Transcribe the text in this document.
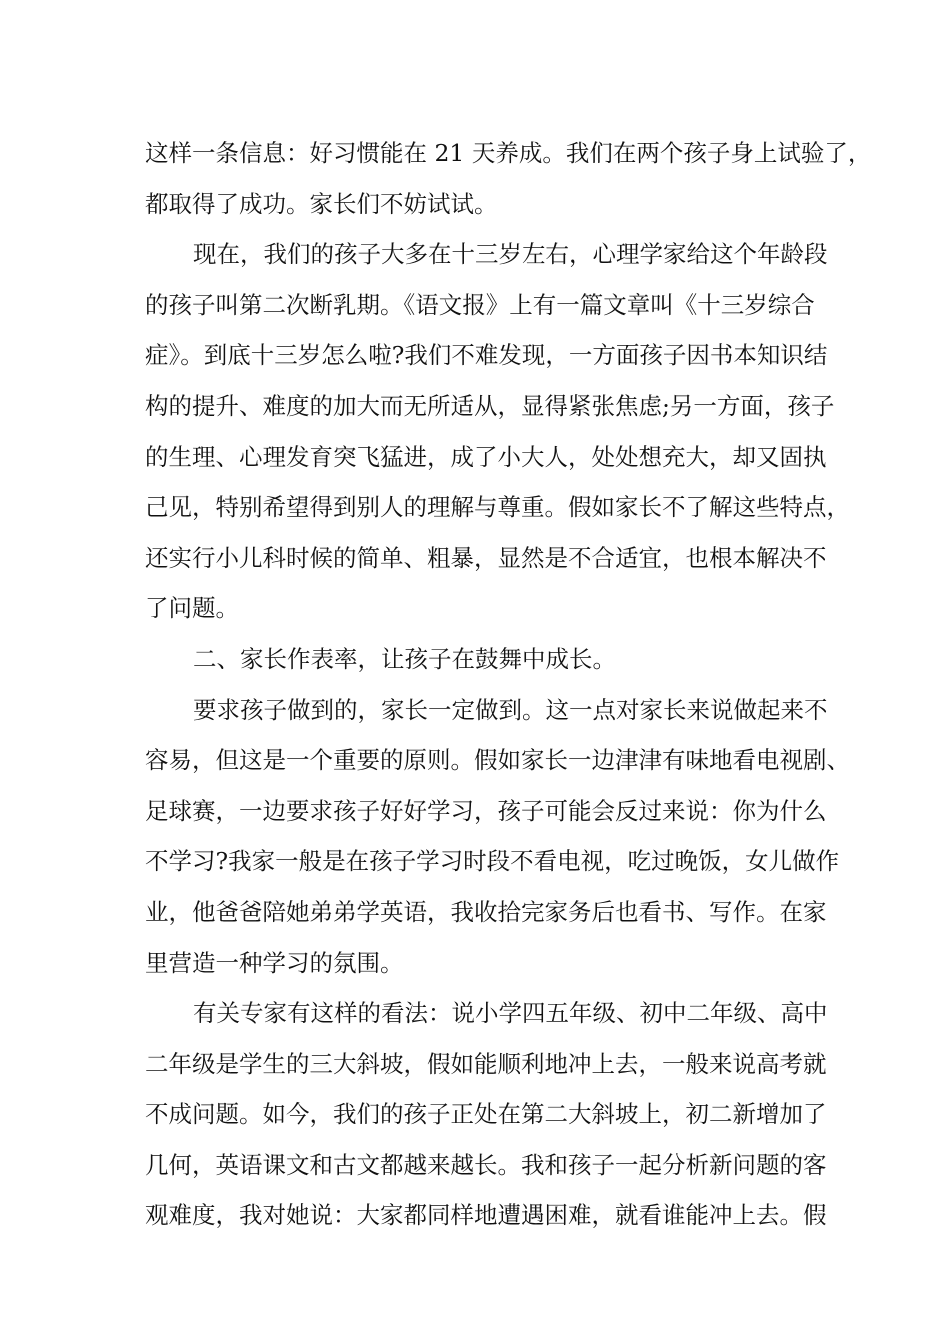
这样一条信息：好习惯能在 21 天养成。我们在两个孩子身上试验了，
都取得了成功。家长们不妨试试。
现在，我们的孩子大多在十三岁左右，心理学家给这个年龄段
的孩子叫第二次断乳期。《语文报》上有一篇文章叫《十三岁综合
症》。到底十三岁怎么啦?我们不难发现，一方面孩子因书本知识结
构的提升、难度的加大而无所适从，显得紧张焦虑;另一方面，孩子
的生理、心理发育突飞猛进，成了小大人，处处想充大，却又固执
己见，特别希望得到别人的理解与尊重。假如家长不了解这些特点，
还实行小儿科时候的简单、粗暴，显然是不合适宜，也根本解决不
了问题。
二、家长作表率，让孩子在鼓舞中成长。
要求孩子做到的，家长一定做到。这一点对家长来说做起来不
容易，但这是一个重要的原则。假如家长一边津津有味地看电视剧、
足球赛，一边要求孩子好好学习，孩子可能会反过来说：你为什么
不学习?我家一般是在孩子学习时段不看电视，吃过晚饭，女儿做作
业，他爸爸陪她弟弟学英语，我收拾完家务后也看书、写作。在家
里营造一种学习的氛围。
有关专家有这样的看法：说小学四五年级、初中二年级、高中
二年级是学生的三大斜坡，假如能顺利地冲上去，一般来说高考就
不成问题。如今，我们的孩子正处在第二大斜坡上，初二新增加了
几何，英语课文和古文都越来越长。我和孩子一起分析新问题的客
观难度，我对她说：大家都同样地遭遇困难，就看谁能冲上去。假
